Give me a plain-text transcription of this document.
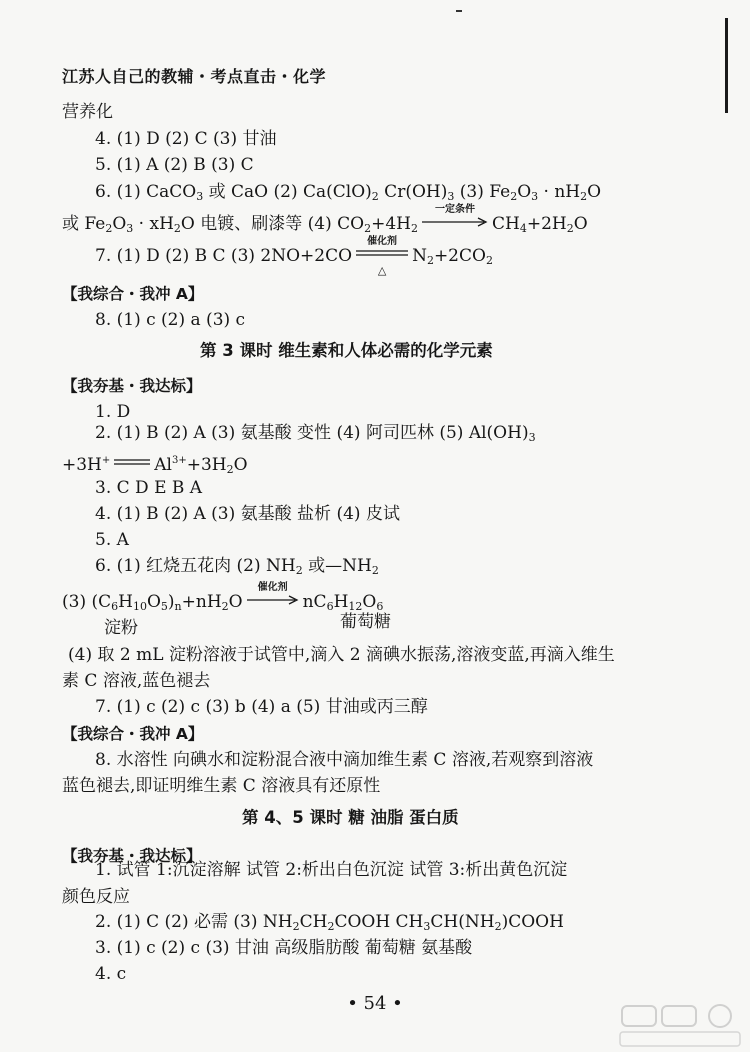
江苏人自己的教辅・考点直击・化学
营养化
4. (1) D (2) C (3) 甘油
5. (1) A (2) B (3) C
6. (1) CaCO$_3$ 或 CaO (2) $Ca(ClO)_2$ $Cr(OH)_3$ (3) $Fe_2O_3 \cdot nH_2O$
或 $Fe_2O_3 \cdot xH_2O$ 电镀、刷漆等 (4) $CO_2+4H_2$
一定条件
$CH_4+2H_2O$
7. (1) D (2) B C (3) 2NO+2CO
催化剂
△
$N_2+2CO_2$
【我综合・我冲 A】
8. (1) c (2) a (3) c
第 3 课时 维生素和人体必需的化学元素
【我夯基・我达标】
1. D
2. (1) B (2) A (3) 氨基酸 变性 (4) 阿司匹林 (5) $Al(OH)_3$
+3H+	$Al^{3+}+3H_2O$
3. C D E B A
4. (1) B (2) A (3) 氨基酸 盐析 (4) 皮试
5. A
6. (1) 红烧五花肉 (2) $NH_2$ 或$—NH_2$
(3) $(C_6H_{10}O_5)_n+nH_2O$
催化剂
$nC_6H_{12}O_6$
葡萄糖
淀粉
(4) 取 2 mL 淀粉溶液于试管中,滴入 2 滴碘水振荡,溶液变蓝,再滴入维生
素 C 溶液,蓝色褪去
7. (1) c (2) c (3) b (4) a (5) 甘油或丙三醇
【我综合・我冲 A】
8. 水溶性 向碘水和淀粉混合液中滴加维生素 C 溶液,若观察到溶液
蓝色褪去,即证明维生素 C 溶液具有还原性
第 4、5 课时 糖 油脂 蛋白质
【我夯基・我达标】
1. 试管 1:沉淀溶解 试管 2:析出白色沉淀 试管 3:析出黄色沉淀
颜色反应
2. (1) C (2) 必需 (3) $NH_2CH_2COOH$ $CH_3CH(NH_2)COOH$
3. (1) c (2) c (3) 甘油 高级脂肪酸 葡萄糖 氨基酸
4. c
• 54 •
